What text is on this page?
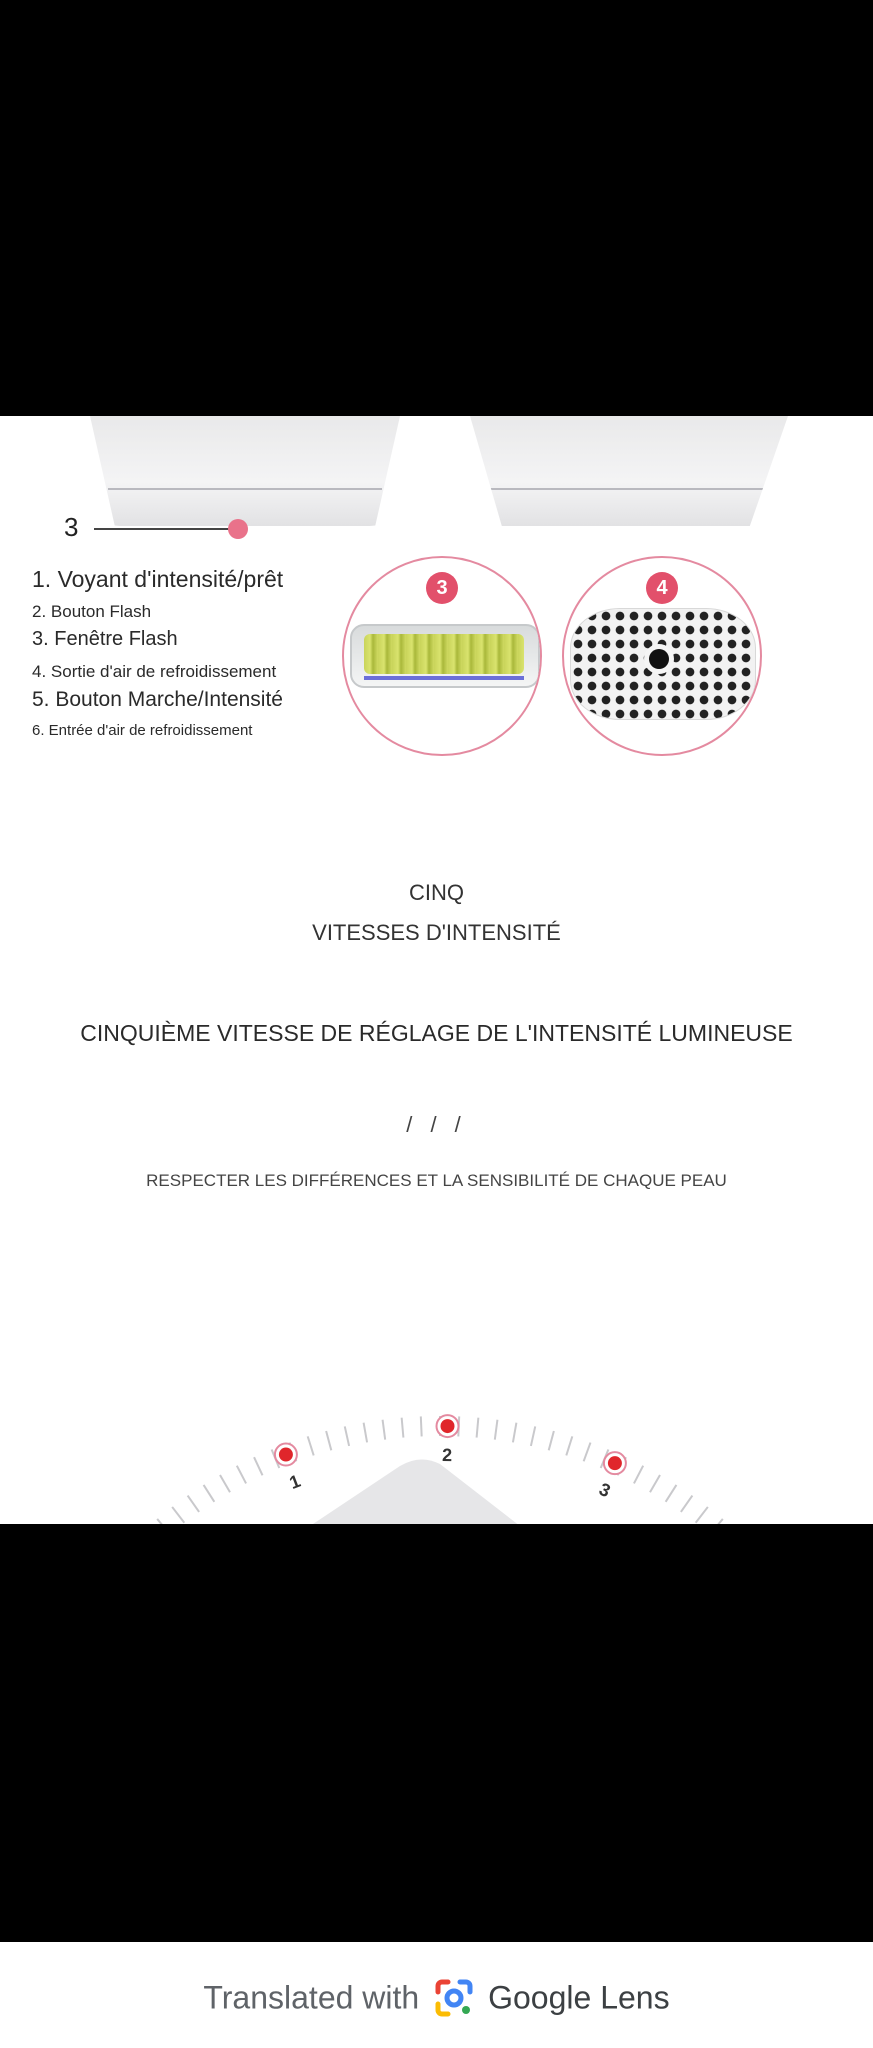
3
1. Voyant d'intensité/prêt
2. Bouton Flash
3. Fenêtre Flash
4. Sortie d'air de refroidissement
5. Bouton Marche/Intensité
6. Entrée d'air de refroidissement
3	4
CINQ
VITESSES D'INTENSITÉ
CINQUIÈME VITESSE DE RÉGLAGE DE L'INTENSITÉ LUMINEUSE
/ / /
RESPECTER LES DIFFÉRENCES ET LA SENSIBILITÉ DE CHAQUE PEAU
1
2
3
Translated with Google Lens
